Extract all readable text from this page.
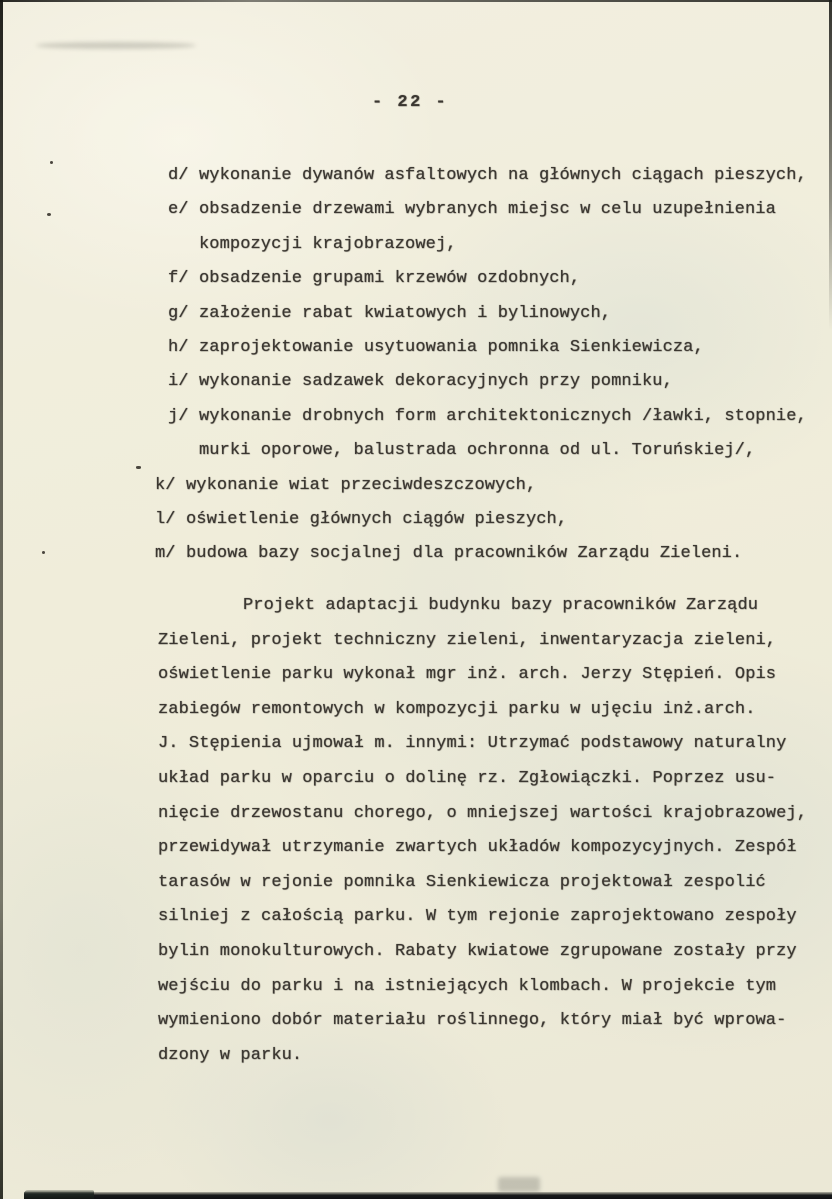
- 22 -
d/ wykonanie dywanów asfaltowych na głównych ciągach pieszych,
e/ obsadzenie drzewami wybranych miejsc w celu uzupełnienia
kompozycji krajobrazowej,
f/ obsadzenie grupami krzewów ozdobnych,
g/ założenie rabat kwiatowych i bylinowych,
h/ zaprojektowanie usytuowania pomnika Sienkiewicza,
i/ wykonanie sadzawek dekoracyjnych przy pomniku,
j/ wykonanie drobnych form architektonicznych /ławki, stopnie,
murki oporowe, balustrada ochronna od ul. Toruńskiej/,
k/ wykonanie wiat przeciwdeszczowych,
l/ oświetlenie głównych ciągów pieszych,
m/ budowa bazy socjalnej dla pracowników Zarządu Zieleni.
Projekt adaptacji budynku bazy pracowników Zarządu
Zieleni, projekt techniczny zieleni, inwentaryzacja zieleni,
oświetlenie parku wykonał mgr inż. arch. Jerzy Stępień. Opis
zabiegów remontowych w kompozycji parku w ujęciu inż.arch.
J. Stępienia ujmował m. innymi: Utrzymać podstawowy naturalny
układ parku w oparciu o dolinę rz. Zgłowiączki. Poprzez usu-
nięcie drzewostanu chorego, o mniejszej wartości krajobrazowej,
przewidywał utrzymanie zwartych układów kompozycyjnych. Zespół
tarasów w rejonie pomnika Sienkiewicza projektował zespolić
silniej z całością parku. W tym rejonie zaprojektowano zespoły
bylin monokulturowych. Rabaty kwiatowe zgrupowane zostały przy
wejściu do parku i na istniejących klombach. W projekcie tym
wymieniono dobór materiału roślinnego, który miał być wprowa-
dzony w parku.
